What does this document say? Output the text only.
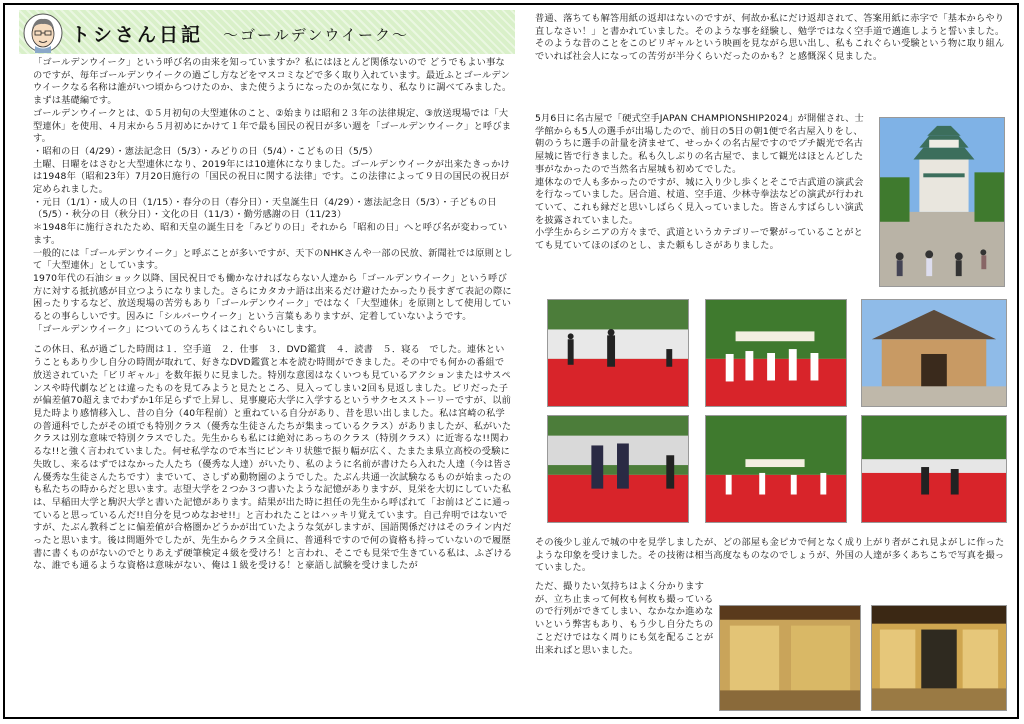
トシさん日記 ～ゴールデンウイーク～

「ゴールデンウイーク」という呼び名の由来を知っていますか？私にはほとんど関係ないので どうでもよい事なのですが、毎年ゴールデンウイークの過ごし方などをマスコミなどで多く取り入れています。最近ふとゴールデンウイークなる名称は誰がいつ頃からつけたのか、また使うようになったのか気になり、私なりに調べてみました。まずは基礎編です。

ゴールデンウイークとは、①５月初旬の大型連休のこと、②始まりは昭和２３年の法律規定、③放送現場では「大型連休」を使用、４月末から５月初めにかけて１年で最も国民の祝日が多い週を「ゴールデンウイーク」と呼びます。

・昭和の日（4/29）・憲法記念日（5/3）・みどりの日（5/4）・こどもの日（5/5）

土曜、日曜をはさむと大型連休になり、2019年には10連休になりました。ゴールデンウイークが出来たきっかけは1948年（昭和23年）7月20日施行の「国民の祝日に関する法律」です。この法律によって９日の国民の祝日が定められました。

・元日（1/1）・成人の日（1/15）・春分の日（春分日）・天皇誕生日（4/29）・憲法記念日（5/3）・子どもの日（5/5）・秋分の日（秋分日）・文化の日（11/3）・勤労感謝の日（11/23）

＊1948年に施行されたため、昭和天皇の誕生日を「みどりの日」それから「昭和の日」へと呼び名が変わっています。

一般的には「ゴールデンウイーク」と呼ぶことが多いですが、天下のNHKさんや一部の民放、新聞社では原則として「大型連休」としています。

1970年代の石油ショック以降、国民祝日でも働かなければならない人達から「ゴールデンウイーク」という呼び方に対する抵抗感が目立つようになりました。さらにカタカナ語は出来るだけ避けたかったり長すぎて表記の際に困ったりするなど、放送現場の苦労もあり「ゴールデンウイーク」ではなく「大型連休」を原則として使用しているとの事らしいです。因みに「シルバーウイーク」という言葉もありますが、定着していないようです。

「ゴールデンウイーク」についてのうんちくはこれぐらいにします。

この休日、私が過ごした時間は１．空手道　２．仕事　３．DVD鑑賞　４．読書　５．寝る　でした。連休ということもあり少し自分の時間が取れて、好きなDVD鑑賞と本を読む時間ができました。その中でも何かの番組で放送されていた「ビリギャル」を数年振りに見ました。特別な意図はなくいつも見ているアクションまたはサスペンスや時代劇などとは違ったものを見てみようと見たところ、見入ってしまい2回も見返しました。ビリだった子が偏差値70超えまでわずか1年足らずで上昇し、見事慶応大学に入学するというサクセスストーリーですが、以前見た時より感情移入し、昔の自分（40年程前）と重ねている自分があり、昔を思い出しました。私は宮崎の私学の普通科でしたがその頃でも特別クラス（優秀な生徒さんたちが集まっているクラス）がありましたが、私がいたクラスは別な意味で特別クラスでした。先生からも私には絶対にあっちのクラス（特別クラス）に近寄るな!!関わるな!!と強く言われていました。何せ私学なので本当にピンキリ状態で振り幅が広く、たまたま県立高校の受験に失敗し、来るはずではなかった人たち（優秀な人達）がいたり、私のように名前が書けたら入れた人達（今は皆さん優秀な生徒さんたちです）までいて、さしずめ動物園のようでした。たぶん共通一次試験なるものが始まったのも私たちの時からだと思います。志望大学を２つか３つ書いたような記憶がありますが、見栄を大切にしていた私は、早稲田大学と駒沢大学と書いた記憶があります。結果が出た時に担任の先生から呼ばれて「お前はどこに通っていると思っているんだ!!自分を見つめなおせ!!」と言われたことはハッキリ覚えています。自己弁明ではないですが、たぶん教科ごとに偏差値が合格圏かどうかが出ていたような気がしますが、国語関係だけはそのライン内だったと思います。後は問題外でしたが、先生からクラス全員に、普通科ですので何の資格も持っていないので履歴書に書くものがないのでとりあえず硬筆検定４級を受けろ！と言われ、そこでも見栄で生きている私は、ふざけるな、誰でも通るような資格は意味がない、俺は１級を受ける！と豪語し試験を受けましたが

普通、落ちても解答用紙の返却はないのですが、何故か私にだけ返却されて、答案用紙に赤字で「基本からやり直しなさい！」と書かれていました。そのような事を経験し、勉学ではなく空手道で邁進しようと誓いました。そのような昔のことをこのビリギャルという映画を見ながら思い出し、私もこれぐらい受験という物に取り組んでいれば社会人になっての苦労が半分くらいだったのかも？と感慨深く見ました。

5月6日に名古屋で「硬式空手JAPAN CHAMPIONSHIP2024」が開催され、士学館からも5人の選手が出場したので、前日の5日の朝1便で名古屋入りをし、朝のうちに選手の計量を済ませて、せっかくの名古屋ですのでプチ観光で名古屋城に皆で行きました。私も久しぶりの名古屋で、まして観光はほとんどした事がなかったので当然名古屋城も初めてでした。

連休なので人も多かったのですが、城に入り少し歩くとそこで古武道の演武会を行なっていました。居合道、杖道、空手道、少林寺拳法などの演武が行われていて、これも縁だと思いしばらく見入っていました。皆さんすばらしい演武を披露されていました。

小学生からシニアの方々まで、武道というカテゴリーで繋がっていることがとても見ていてほのぼのとし、また頼もしさがありました。

その後少し並んで城の中を見学しましたが、どの部屋も金ピカで何となく成り上がり者がこれ見よがしに作ったような印象を受けました。その技術は相当高度なものなのでしょうが、外国の人達が多くあちこちで写真を撮っていました。

ただ、撮りたい気持ちはよく分かりますが、立ち止まって何枚も何枚も撮っているので行列ができてしまい、なかなか進めないという弊害もあり、もう少し自分たちのことだけではなく周りにも気を配ることが出来ればと思いました。
